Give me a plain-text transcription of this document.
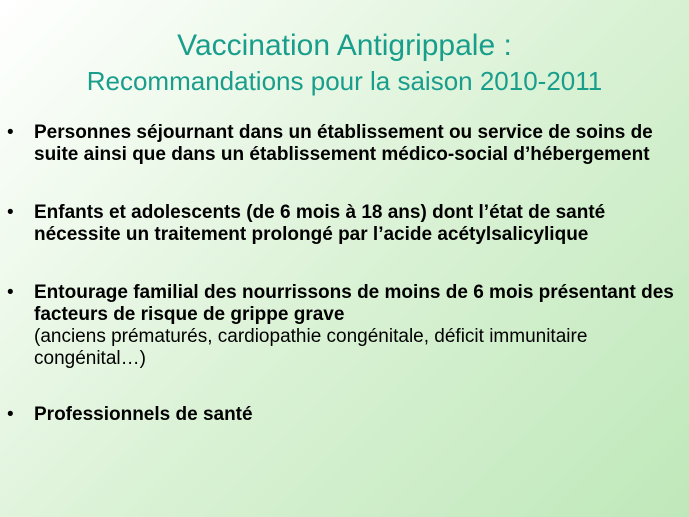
Vaccination Antigrippale :
Recommandations pour la saison 2010-2011
• Personnes séjournant dans un établissement ou service de soins de suite ainsi que dans un établissement médico-social d’hébergement
• Enfants et adolescents (de 6 mois à 18 ans) dont l’état de santé nécessite un traitement prolongé par l’acide acétylsalicylique
• Entourage familial des nourrissons de moins de 6 mois présentant des facteurs de risque de grippe grave
(anciens prématurés, cardiopathie congénitale, déficit immunitaire congénital…)
• Professionnels de santé
